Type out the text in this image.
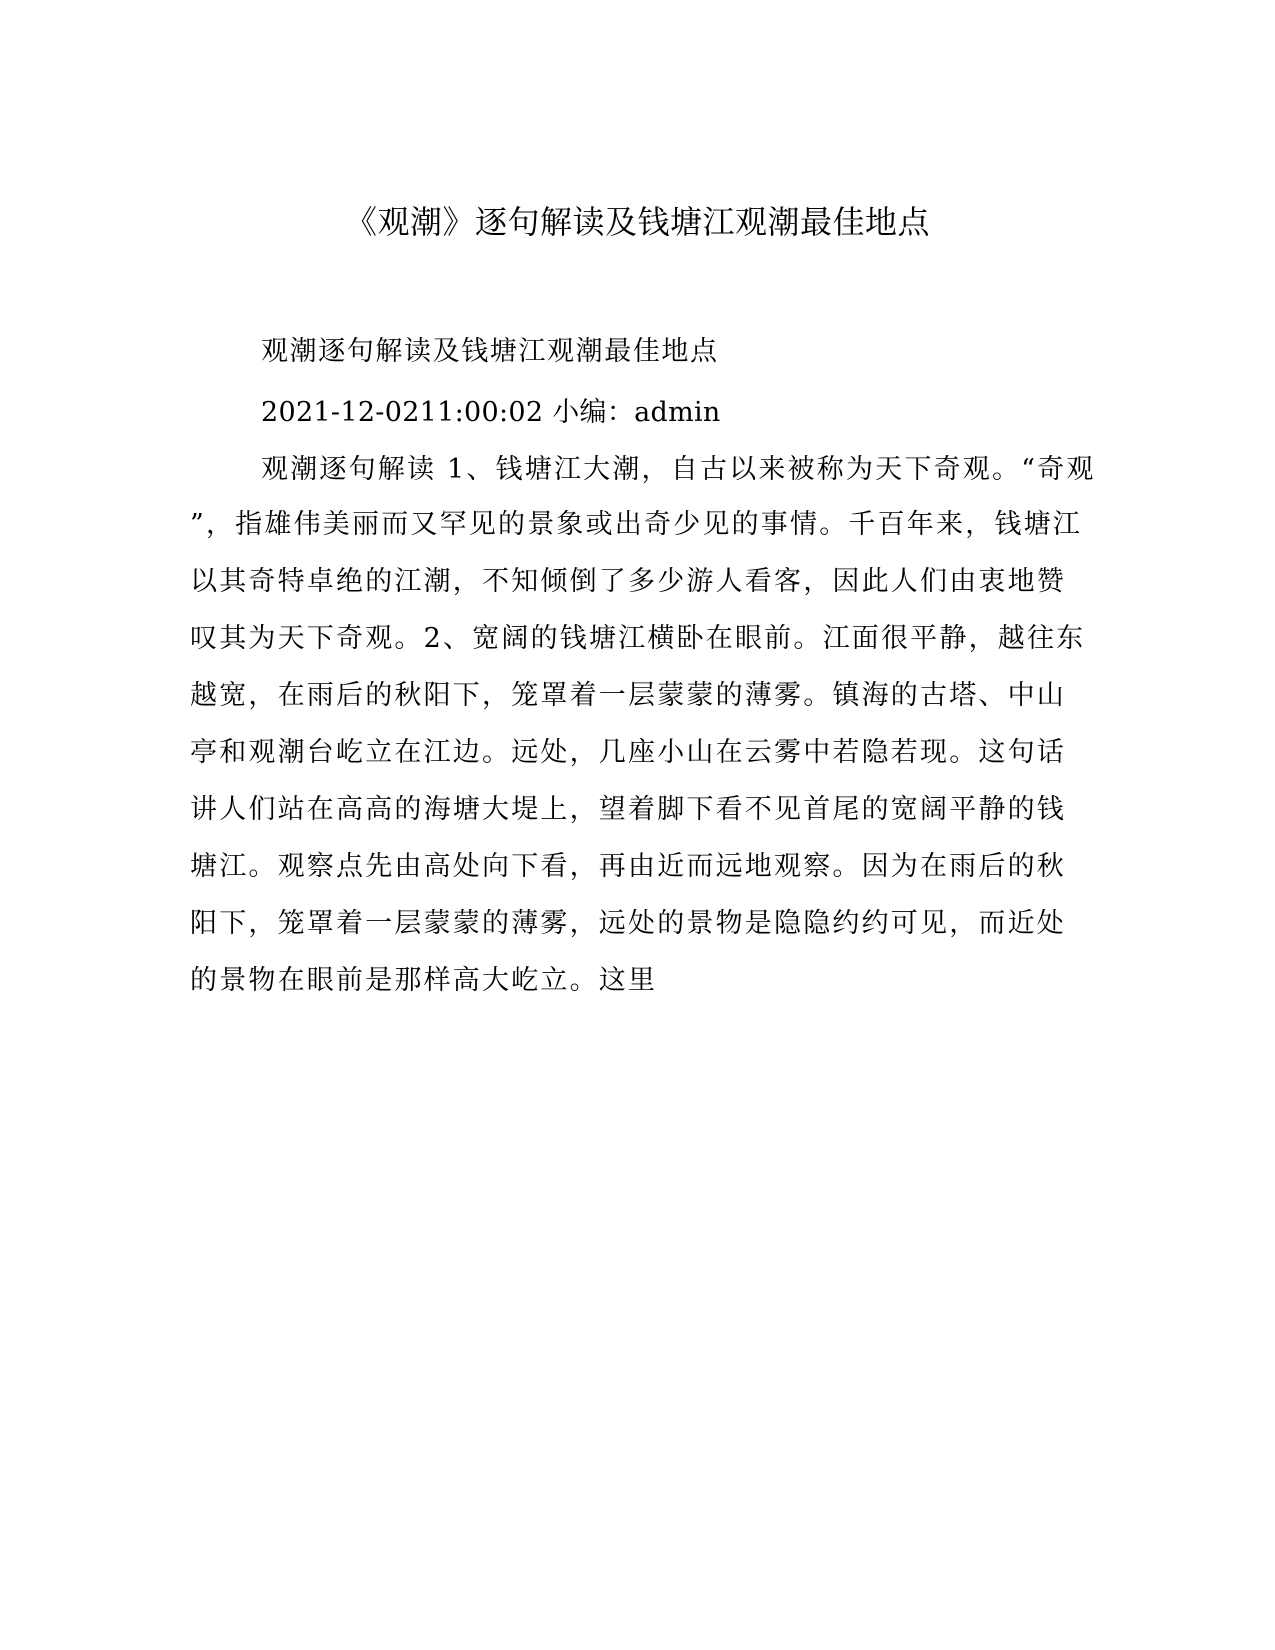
《观潮》逐句解读及钱塘江观潮最佳地点
观潮逐句解读及钱塘江观潮最佳地点
2021-12-0211:00:02 小编：admin
观潮逐句解读 1、钱塘江大潮，自古以来被称为天下奇观。“奇观
”，指雄伟美丽而又罕见的景象或出奇少见的事情。千百年来，钱塘江
以其奇特卓绝的江潮，不知倾倒了多少游人看客，因此人们由衷地赞
叹其为天下奇观。2、宽阔的钱塘江横卧在眼前。江面很平静，越往东
越宽，在雨后的秋阳下，笼罩着一层蒙蒙的薄雾。镇海的古塔、中山
亭和观潮台屹立在江边。远处，几座小山在云雾中若隐若现。这句话
讲人们站在高高的海塘大堤上，望着脚下看不见首尾的宽阔平静的钱
塘江。观察点先由高处向下看，再由近而远地观察。因为在雨后的秋
阳下，笼罩着一层蒙蒙的薄雾，远处的景物是隐隐约约可见，而近处
的景物在眼前是那样高大屹立。这里
